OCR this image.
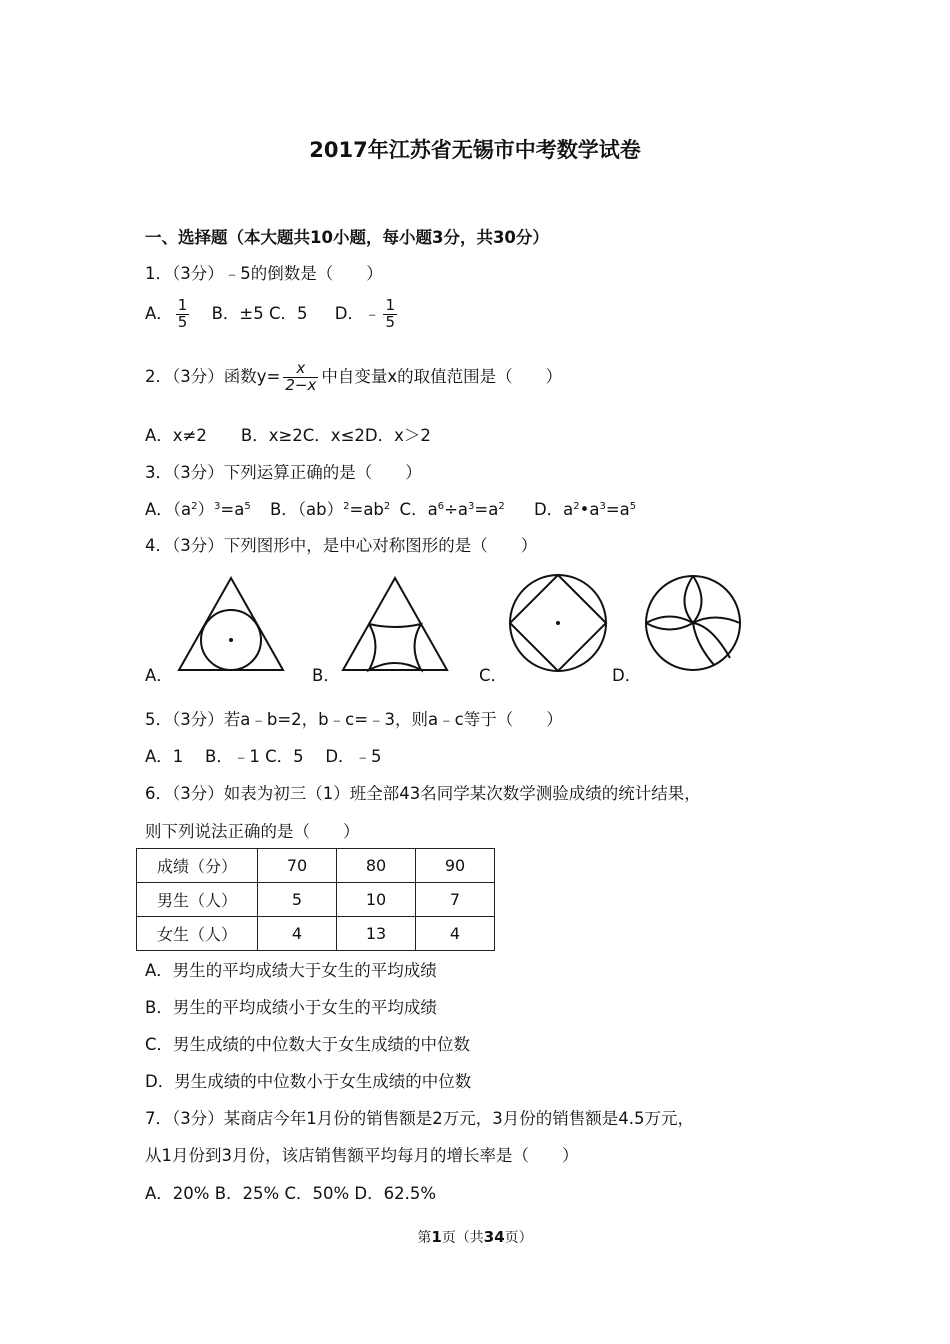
2017年江苏省无锡市中考数学试卷
一、选择题（本大题共10小题，每小题3分，共30分）
1．（3分）﹣5的倒数是（　　）
A． $\frac{1}{5}$ B．±5 C．5 D．﹣ $\frac{1}{5}$
2．（3分）函数$y= \frac{x}{2-x}$ 中自变量x的取值范围是（　　）
A．x≠2 B．x≥2C．x≤2D．x＞2
3．（3分）下列运算正确的是（　　）
A．$(a^2)^3=a^5$ B．$(ab)^2=ab^2$ C．$a^6\div a^3=a^2$ D．$a^2•a^3=a^5$
4．（3分）下列图形中，是中心对称图形的是（　　）
A．	B．	C．	D．
5．（3分）若a﹣b=2，b﹣c=﹣3，则a﹣c等于（　　）
A．1　 B．﹣1 C．5　 D．﹣5
6．（3分）如表为初三（1）班全部43名同学某次数学测验成绩的统计结果，
则下列说法正确的是（　　）
成绩（分）	70	80	90
男生（人）	5	10	7
女生（人）	4	13	4
A．男生的平均成绩大于女生的平均成绩
B．男生的平均成绩小于女生的平均成绩
C．男生成绩的中位数大于女生成绩的中位数
D．男生成绩的中位数小于女生成绩的中位数
7．（3分）某商店今年1月份的销售额是2万元，3月份的销售额是4.5万元，
从1月份到3月份，该店销售额平均每月的增长率是（　　）
A．20% B．25% C．50% D．62.5%
第1页（共34页）
